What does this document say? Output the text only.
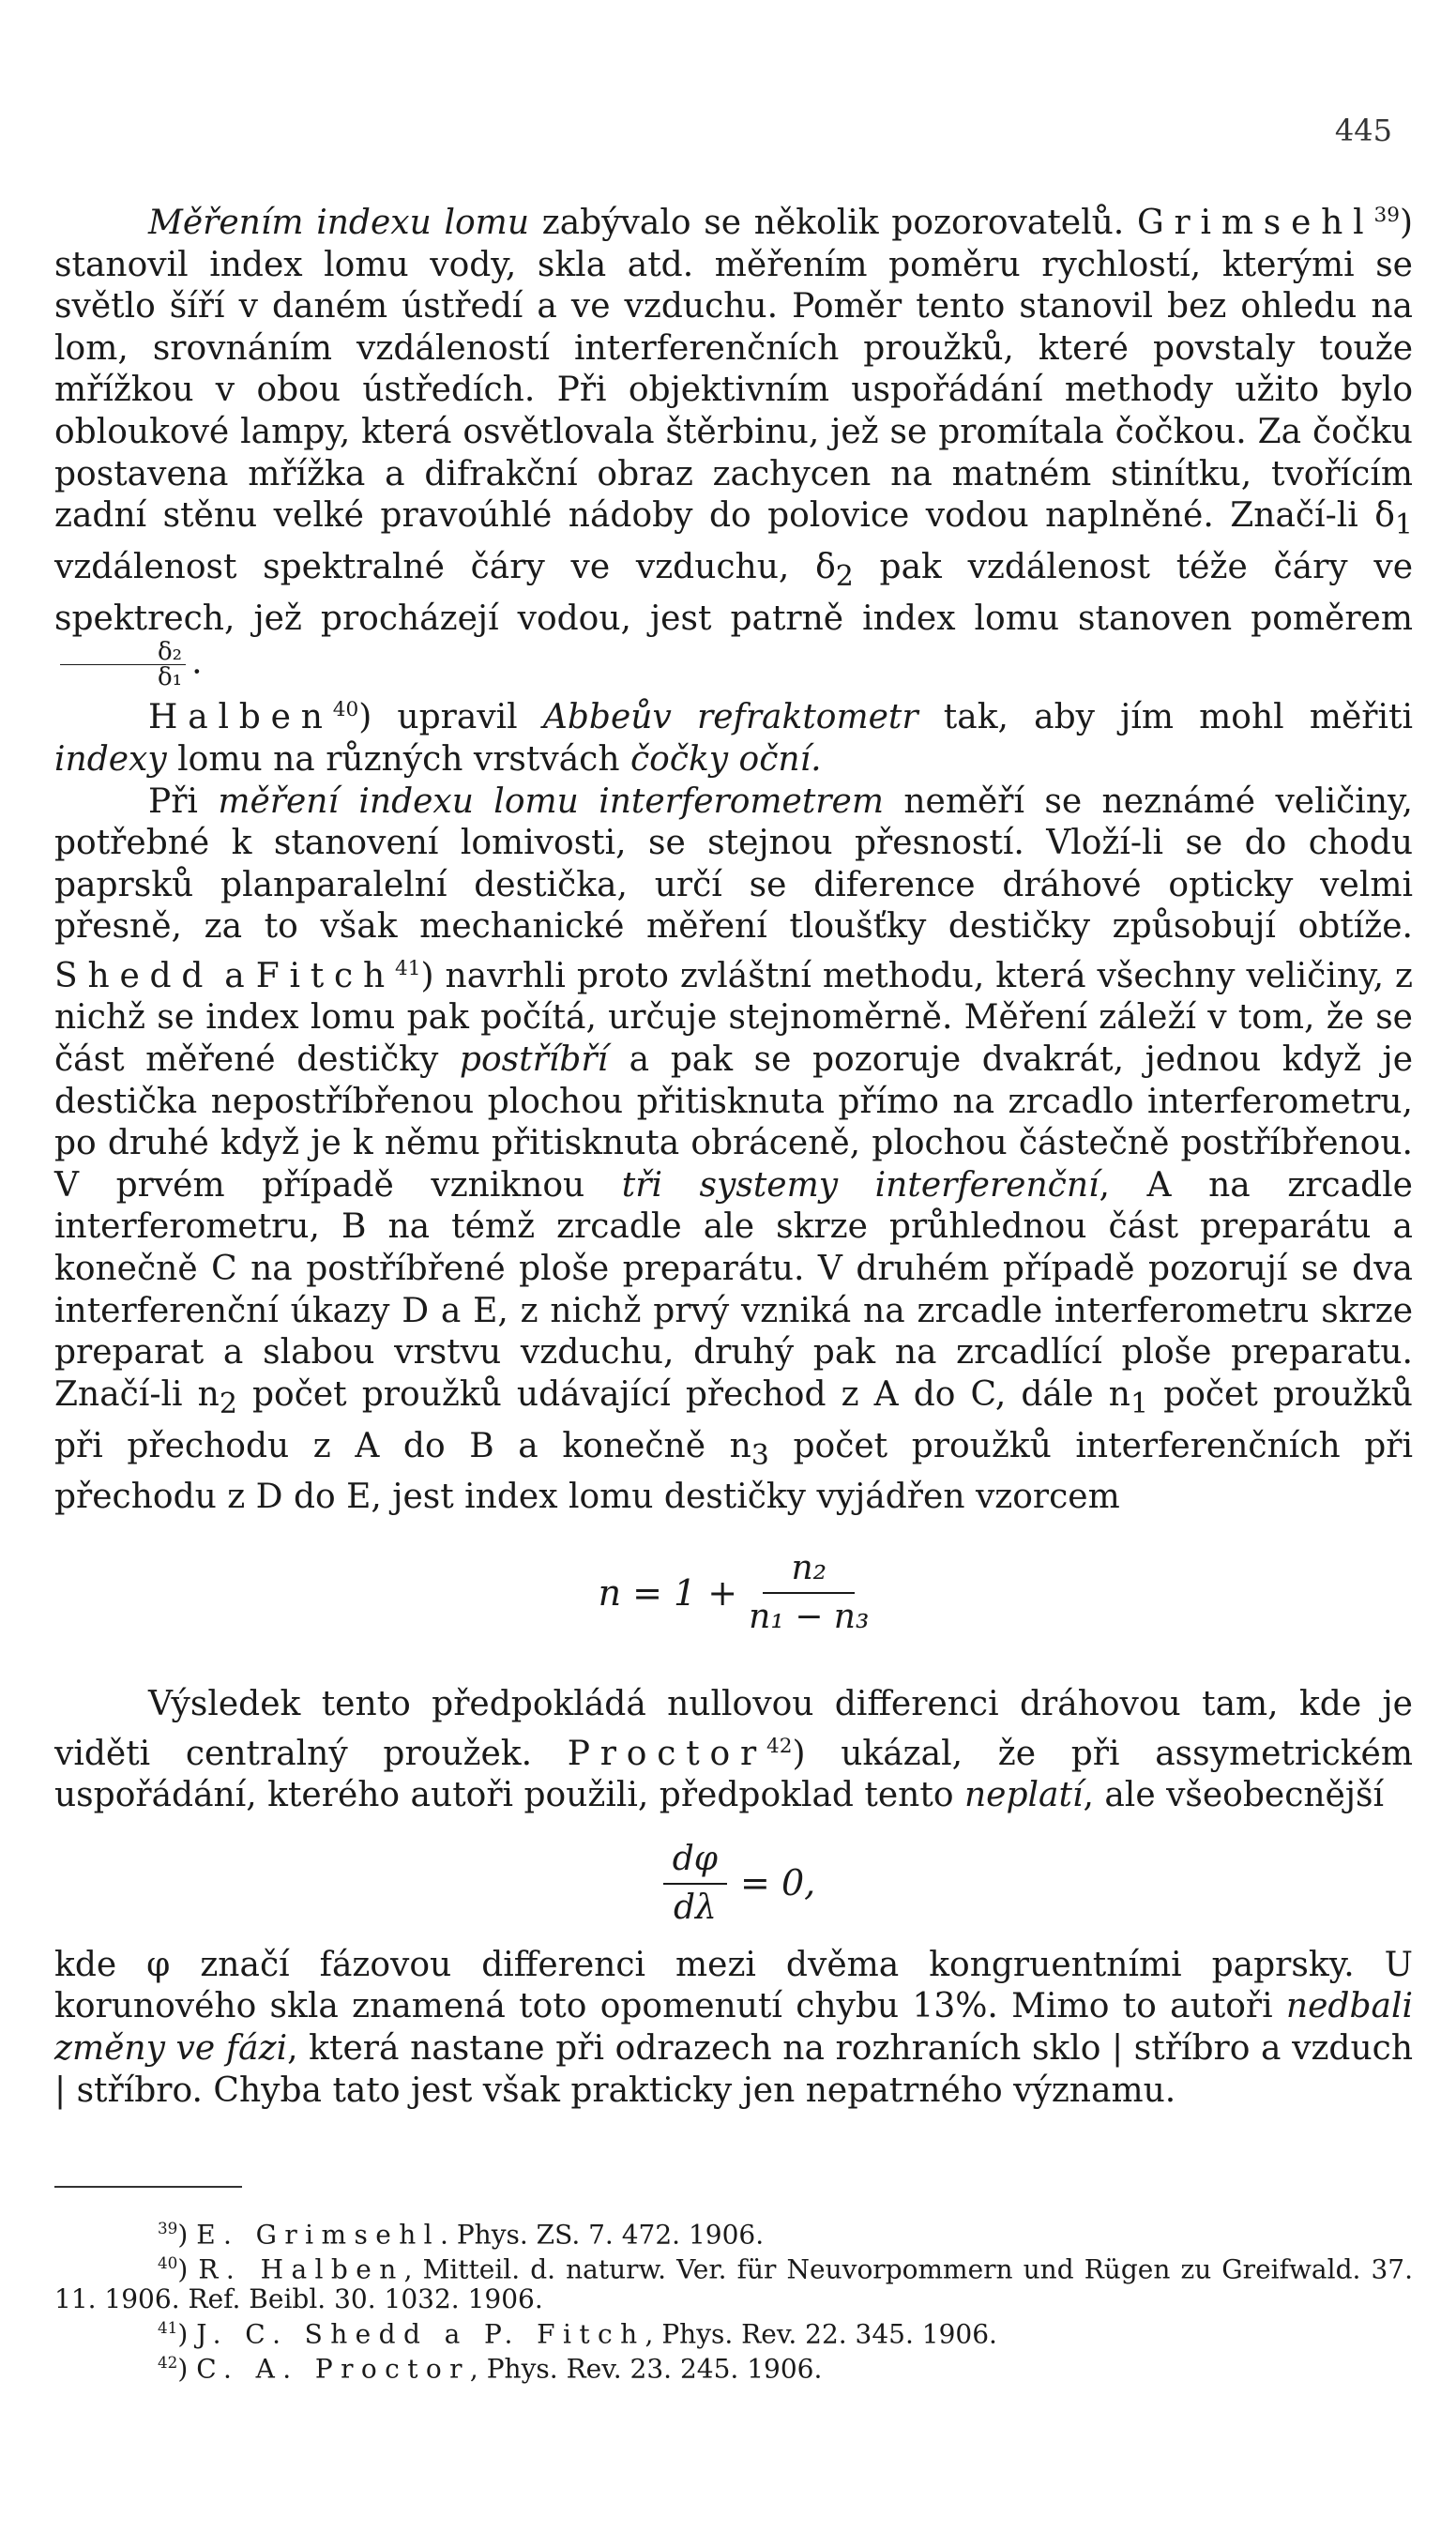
445

Měřením indexu lomu zabývalo se několik pozorovatelů. Grimsehl$^{39}$) stanovil index lomu vody, skla atd. měřením poměru rychlostí, kterými se světlo šíří v daném ústředí a ve vzduchu. Poměr tento stanovil bez ohledu na lom, srovnáním vzdáleností interferenčních proužků, které povstaly touže mřížkou v obou ústředích. Při objektivním uspořádání methody užito bylo obloukové lampy, která osvětlovala štěrbinu, jež se promítala čočkou. Za čočku postavena mřížka a difrakční obraz zachycen na matném stinítku, tvořícím zadní stěnu velké pravoúhlé nádoby do polovice vodou naplněné. Značí-li $\delta_1$ vzdálenost spektralné čáry ve vzduchu, $\delta_2$ pak vzdálenost téže čáry ve spektrech, jež procházejí vodou, jest patrně index lomu stanoven poměrem
$\frac{\text{δ₂}}{\text{δ₁}}$ .

Halben$^{40}$) upravil Abbeův refraktometr tak, aby jím mohl měřiti indexy lomu na různých vrstvách čočky oční.

Při měření indexu lomu interferometrem neměří se neznámé veličiny, potřebné k stanovení lomivosti, se stejnou přesností. Vloží-li se do chodu paprsků planparalelní destička, určí se diference dráhové opticky velmi přesně, za to však mechanické měření tloušťky destičky způsobují obtíže. Shedd a Fitch$^{41}$) navrhli proto zvláštní methodu, která všechny veličiny, z nichž se index lomu pak počítá, určuje stejnoměrně. Měření záleží v tom, že se část měřené destičky postříbří a pak se pozoruje dvakrát, jednou když je destička nepostříbřenou plochou přitisknuta přímo na zrcadlo interferometru, po druhé když je k němu přitisknuta obráceně, plochou částečně postříbřenou. V prvém případě vzniknou tři systemy interferenční, A na zrcadle interferometru, B na témž zrcadle ale skrze průhlednou část preparátu a konečně C na postříbřené ploše preparátu. V druhém případě pozorují se dva interferenční úkazy D a E, z nichž prvý vzniká na zrcadle interferometru skrze preparat a slabou vrstvu vzduchu, druhý pak na zrcadlící ploše preparatu. Značí-li $n_2$ počet proužků udávající přechod z A do C, dále $n_1$ počet proužků při přechodu z A do B a konečně $n_3$ počet proužků interferenčních při přechodu z D do E, jest index lomu destičky vyjádřen vzorcem

$n = 1 + \frac{\text{n₂}}{\text{n₁ − n₃}}$

Výsledek tento předpokládá nullovou differenci dráhovou tam, kde je viděti centralný proužek. Proctor$^{42}$) ukázal, že při assymetrickém uspořádání, kterého autoři použili, předpoklad tento neplatí, ale všeobecnější

$\frac{d\varphi}{d\lambda} = 0$,

kde φ značí fázovou differenci mezi dvěma kongruentními paprsky. U korunového skla znamená toto opomenutí chybu 13%. Mimo to autoři nedbali změny ve fázi, která nastane při odrazech na rozhraních sklo | stříbro a vzduch | stříbro. Chyba tato jest však prakticky jen nepatrného významu.

$^{39}$) E. Grimsehl. Phys. ZS. 7. 472. 1906.

$^{40}$) R. Halben, Mitteil. d. naturw. Ver. für Neuvorpommern und Rügen zu Greifwald. 37. 11. 1906. Ref. Beibl. 30. 1032. 1906.

$^{41}$) J. C. Shedd a P. Fitch, Phys. Rev. 22. 345. 1906.

$^{42}$) C. A. Proctor, Phys. Rev. 23. 245. 1906.
